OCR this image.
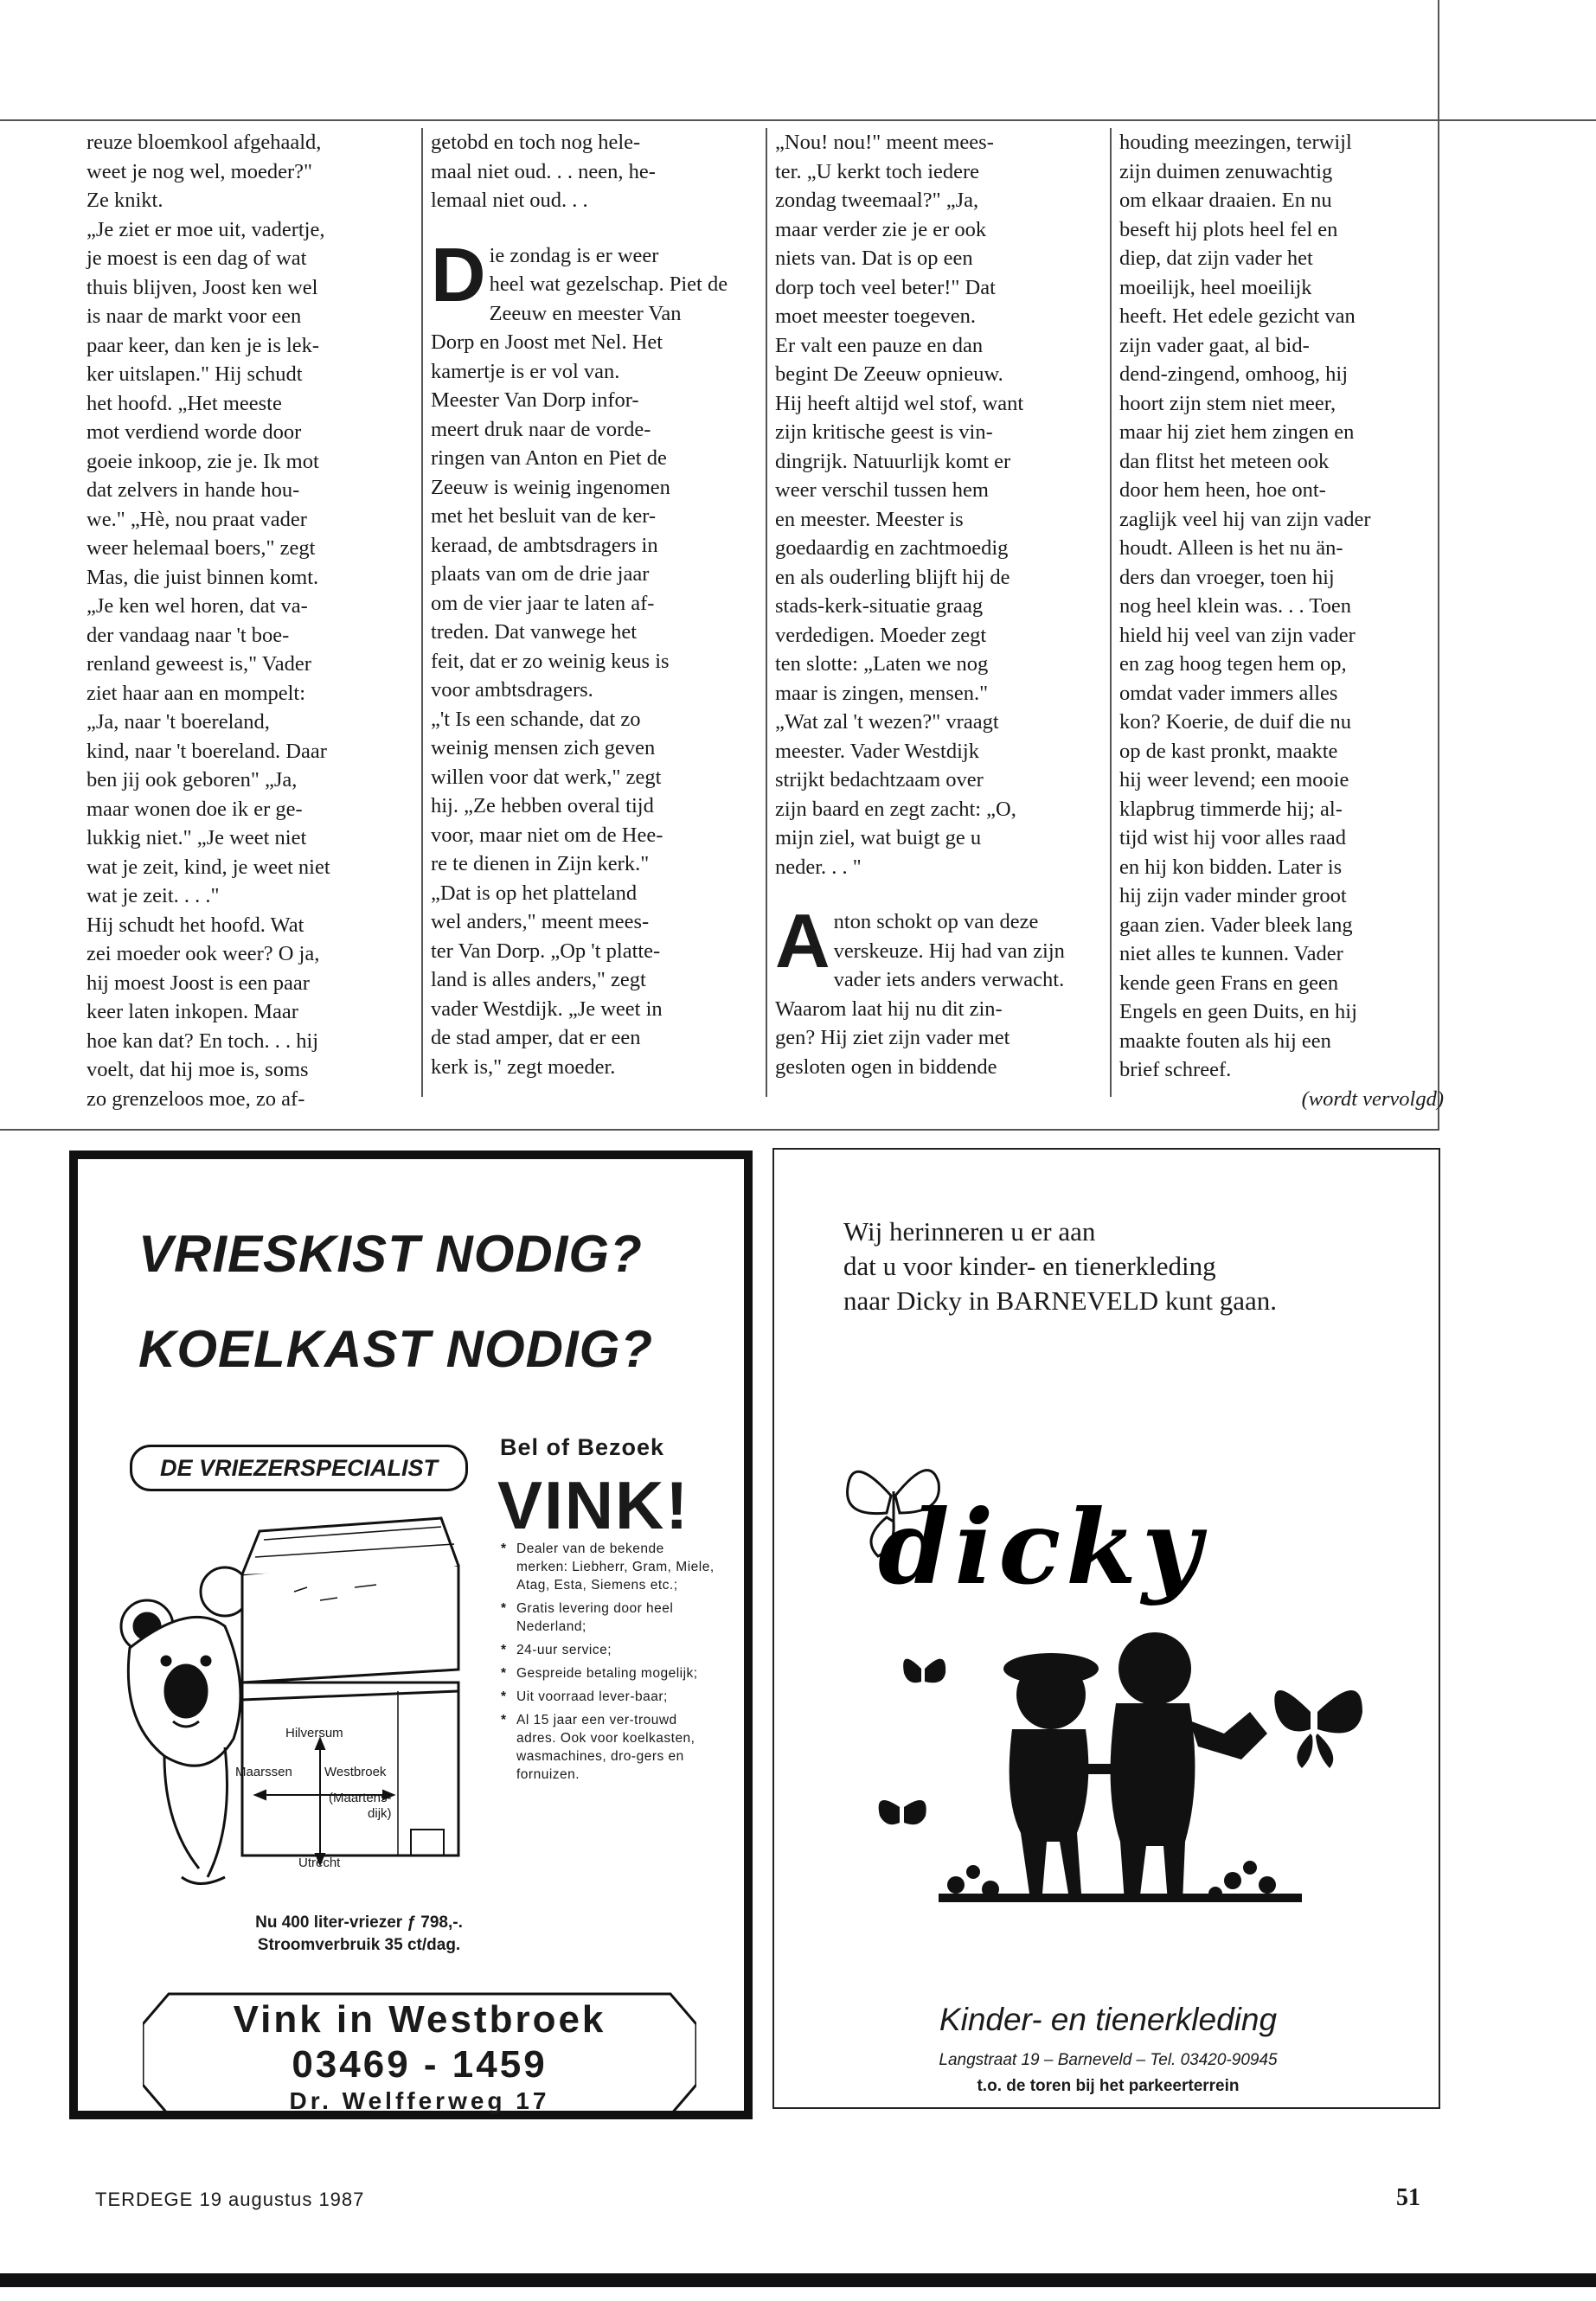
reuze bloemkool afgehaald,
weet je nog wel, moeder?"
Ze knikt.
„Je ziet er moe uit, vadertje,
je moest is een dag of wat
thuis blijven, Joost ken wel
is naar de markt voor een
paar keer, dan ken je is lek-
ker uitslapen." Hij schudt
het hoofd. „Het meeste
mot verdiend worde door
goeie inkoop, zie je. Ik mot
dat zelvers in hande hou-
we." „Hè, nou praat vader
weer helemaal boers," zegt
Mas, die juist binnen komt.
„Je ken wel horen, dat va-
der vandaag naar 't boe-
renland geweest is," Vader
ziet haar aan en mompelt:
„Ja, naar 't boereland,
kind, naar 't boereland. Daar
ben jij ook geboren" „Ja,
maar wonen doe ik er ge-
lukkig niet." „Je weet niet
wat je zeit, kind, je weet niet
wat je zeit. . . ."
Hij schudt het hoofd. Wat
zei moeder ook weer? O ja,
hij moest Joost is een paar
keer laten inkopen. Maar
hoe kan dat? En toch. . . hij
voelt, dat hij moe is, soms
zo grenzeloos moe, zo af-

getobd en toch nog hele-
maal niet oud. . . neen, he-
lemaal niet oud. . .

Die zondag is er weer
heel wat gezelschap. Piet de
Zeeuw en meester Van
Dorp en Joost met Nel. Het
kamertje is er vol van.
Meester Van Dorp infor-
meert druk naar de vorde-
ringen van Anton en Piet de
Zeeuw is weinig ingenomen
met het besluit van de ker-
keraad, de ambtsdragers in
plaats van om de drie jaar
om de vier jaar te laten af-
treden. Dat vanwege het
feit, dat er zo weinig keus is
voor ambtsdragers.
„'t Is een schande, dat zo
weinig mensen zich geven
willen voor dat werk," zegt
hij. „Ze hebben overal tijd
voor, maar niet om de Hee-
re te dienen in Zijn kerk."
„Dat is op het platteland
wel anders," meent mees-
ter Van Dorp. „Op 't platte-
land is alles anders," zegt
vader Westdijk. „Je weet in
de stad amper, dat er een
kerk is," zegt moeder.

„Nou! nou!" meent mees-
ter. „U kerkt toch iedere
zondag tweemaal?" „Ja,
maar verder zie je er ook
niets van. Dat is op een
dorp toch veel beter!" Dat
moet meester toegeven.
Er valt een pauze en dan
begint De Zeeuw opnieuw.
Hij heeft altijd wel stof, want
zijn kritische geest is vin-
dingrijk. Natuurlijk komt er
weer verschil tussen hem
en meester. Meester is
goedaardig en zachtmoedig
en als ouderling blijft hij de
stads-kerk-situatie graag
verdedigen. Moeder zegt
ten slotte: „Laten we nog
maar is zingen, mensen."
„Wat zal 't wezen?" vraagt
meester. Vader Westdijk
strijkt bedachtzaam over
zijn baard en zegt zacht: „O,
mijn ziel, wat buigt ge u
neder. . . "

Anton schokt op van deze
verskeuze. Hij had van zijn
vader iets anders verwacht.
Waarom laat hij nu dit zin-
gen? Hij ziet zijn vader met
gesloten ogen in biddende

houding meezingen, terwijl
zijn duimen zenuwachtig
om elkaar draaien. En nu
beseft hij plots heel fel en
diep, dat zijn vader het
moeilijk, heel moeilijk
heeft. Het edele gezicht van
zijn vader gaat, al bid-
dend-zingend, omhoog, hij
hoort zijn stem niet meer,
maar hij ziet hem zingen en
dan flitst het meteen ook
door hem heen, hoe ont-
zaglijk veel hij van zijn vader
houdt. Alleen is het nu än-
ders dan vroeger, toen hij
nog heel klein was. . . Toen
hield hij veel van zijn vader
en zag hoog tegen hem op,
omdat vader immers alles
kon? Koerie, de duif die nu
op de kast pronkt, maakte
hij weer levend; een mooie
klapbrug timmerde hij; al-
tijd wist hij voor alles raad
en hij kon bidden. Later is
hij zijn vader minder groot
gaan zien. Vader bleek lang
niet alles te kunnen. Vader
kende geen Frans en geen
Engels en geen Duits, en hij
maakte fouten als hij een
brief schreef.

(wordt vervolgd)

VRIESKIST NODIG?
KOELKAST NODIG?
DE VRIEZERSPECIALIST
Bel of Bezoek
VINK!
* Dealer van de bekende merken: Liebherr, Gram, Miele, Atag, Esta, Siemens etc.;
* Gratis levering door heel Nederland;
* 24-uur service;
* Gespreide betaling mogelijk;
* Uit voorraad lever-baar;
* Al 15 jaar een ver-trouwd adres. Ook voor koelkasten, wasmachines, dro-gers en fornuizen.
Hilversum
Maarssen Westbroek
(Maartens-
dijk)
Utrecht
Nu 400 liter-vriezer ƒ 798,-.
Stroomverbruik 35 ct/dag.
Vink in Westbroek
03469 - 1459
Dr. Welfferweg 17
Wij herinneren u er aan
dat u voor kinder- en tienerkleding
naar Dicky in BARNEVELD kunt gaan.
dicky
Kinder- en tienerkleding
Langstraat 19 – Barneveld – Tel. 03420-90945
t.o. de toren bij het parkeerterrein
TERDEGE 19 augustus 1987	51
